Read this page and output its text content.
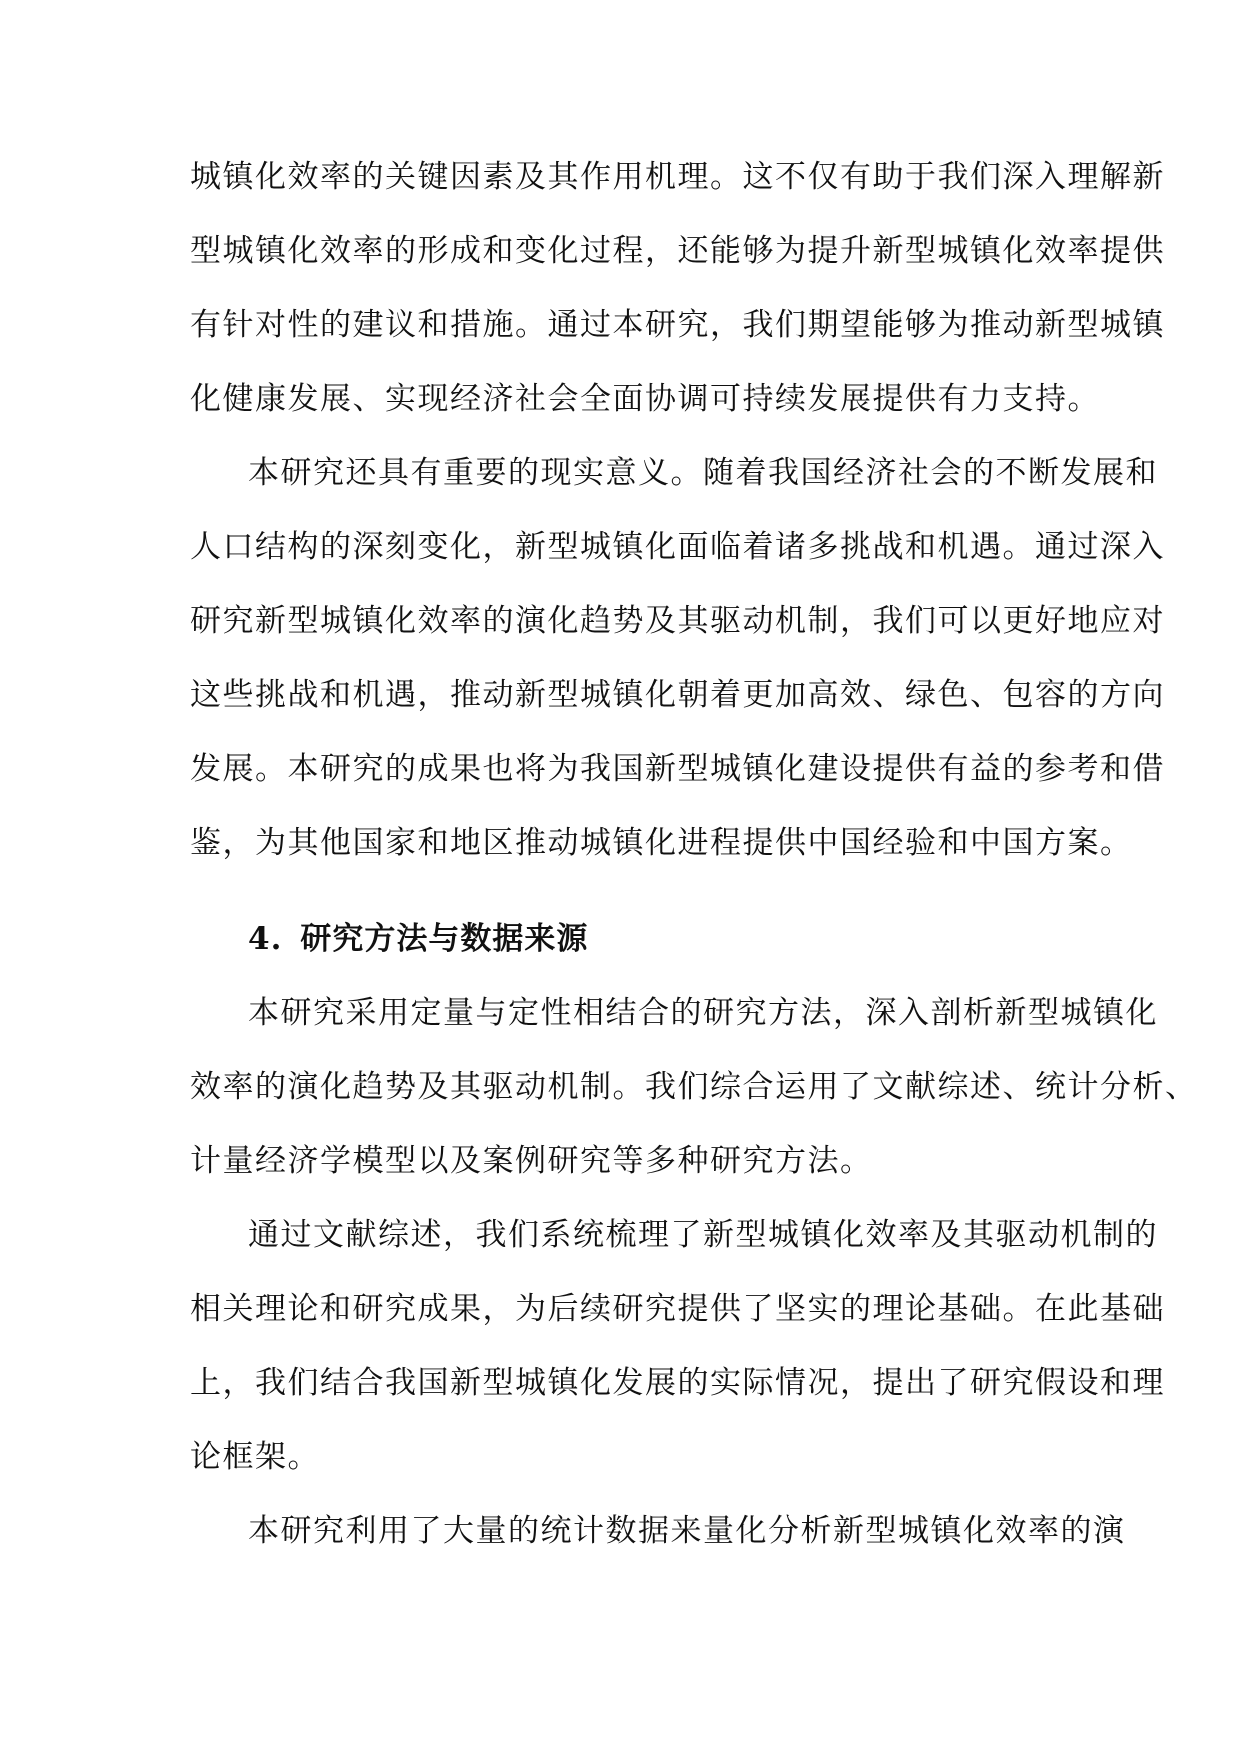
城镇化效率的关键因素及其作用机理。这不仅有助于我们深入理解新
型城镇化效率的形成和变化过程，还能够为提升新型城镇化效率提供
有针对性的建议和措施。通过本研究，我们期望能够为推动新型城镇
化健康发展、实现经济社会全面协调可持续发展提供有力支持。
本研究还具有重要的现实意义。随着我国经济社会的不断发展和
人口结构的深刻变化，新型城镇化面临着诸多挑战和机遇。通过深入
研究新型城镇化效率的演化趋势及其驱动机制，我们可以更好地应对
这些挑战和机遇，推动新型城镇化朝着更加高效、绿色、包容的方向
发展。本研究的成果也将为我国新型城镇化建设提供有益的参考和借
鉴，为其他国家和地区推动城镇化进程提供中国经验和中国方案。
4. 研究方法与数据来源
本研究采用定量与定性相结合的研究方法，深入剖析新型城镇化
效率的演化趋势及其驱动机制。我们综合运用了文献综述、统计分析、
计量经济学模型以及案例研究等多种研究方法。
通过文献综述，我们系统梳理了新型城镇化效率及其驱动机制的
相关理论和研究成果，为后续研究提供了坚实的理论基础。在此基础
上，我们结合我国新型城镇化发展的实际情况，提出了研究假设和理
论框架。
本研究利用了大量的统计数据来量化分析新型城镇化效率的演
